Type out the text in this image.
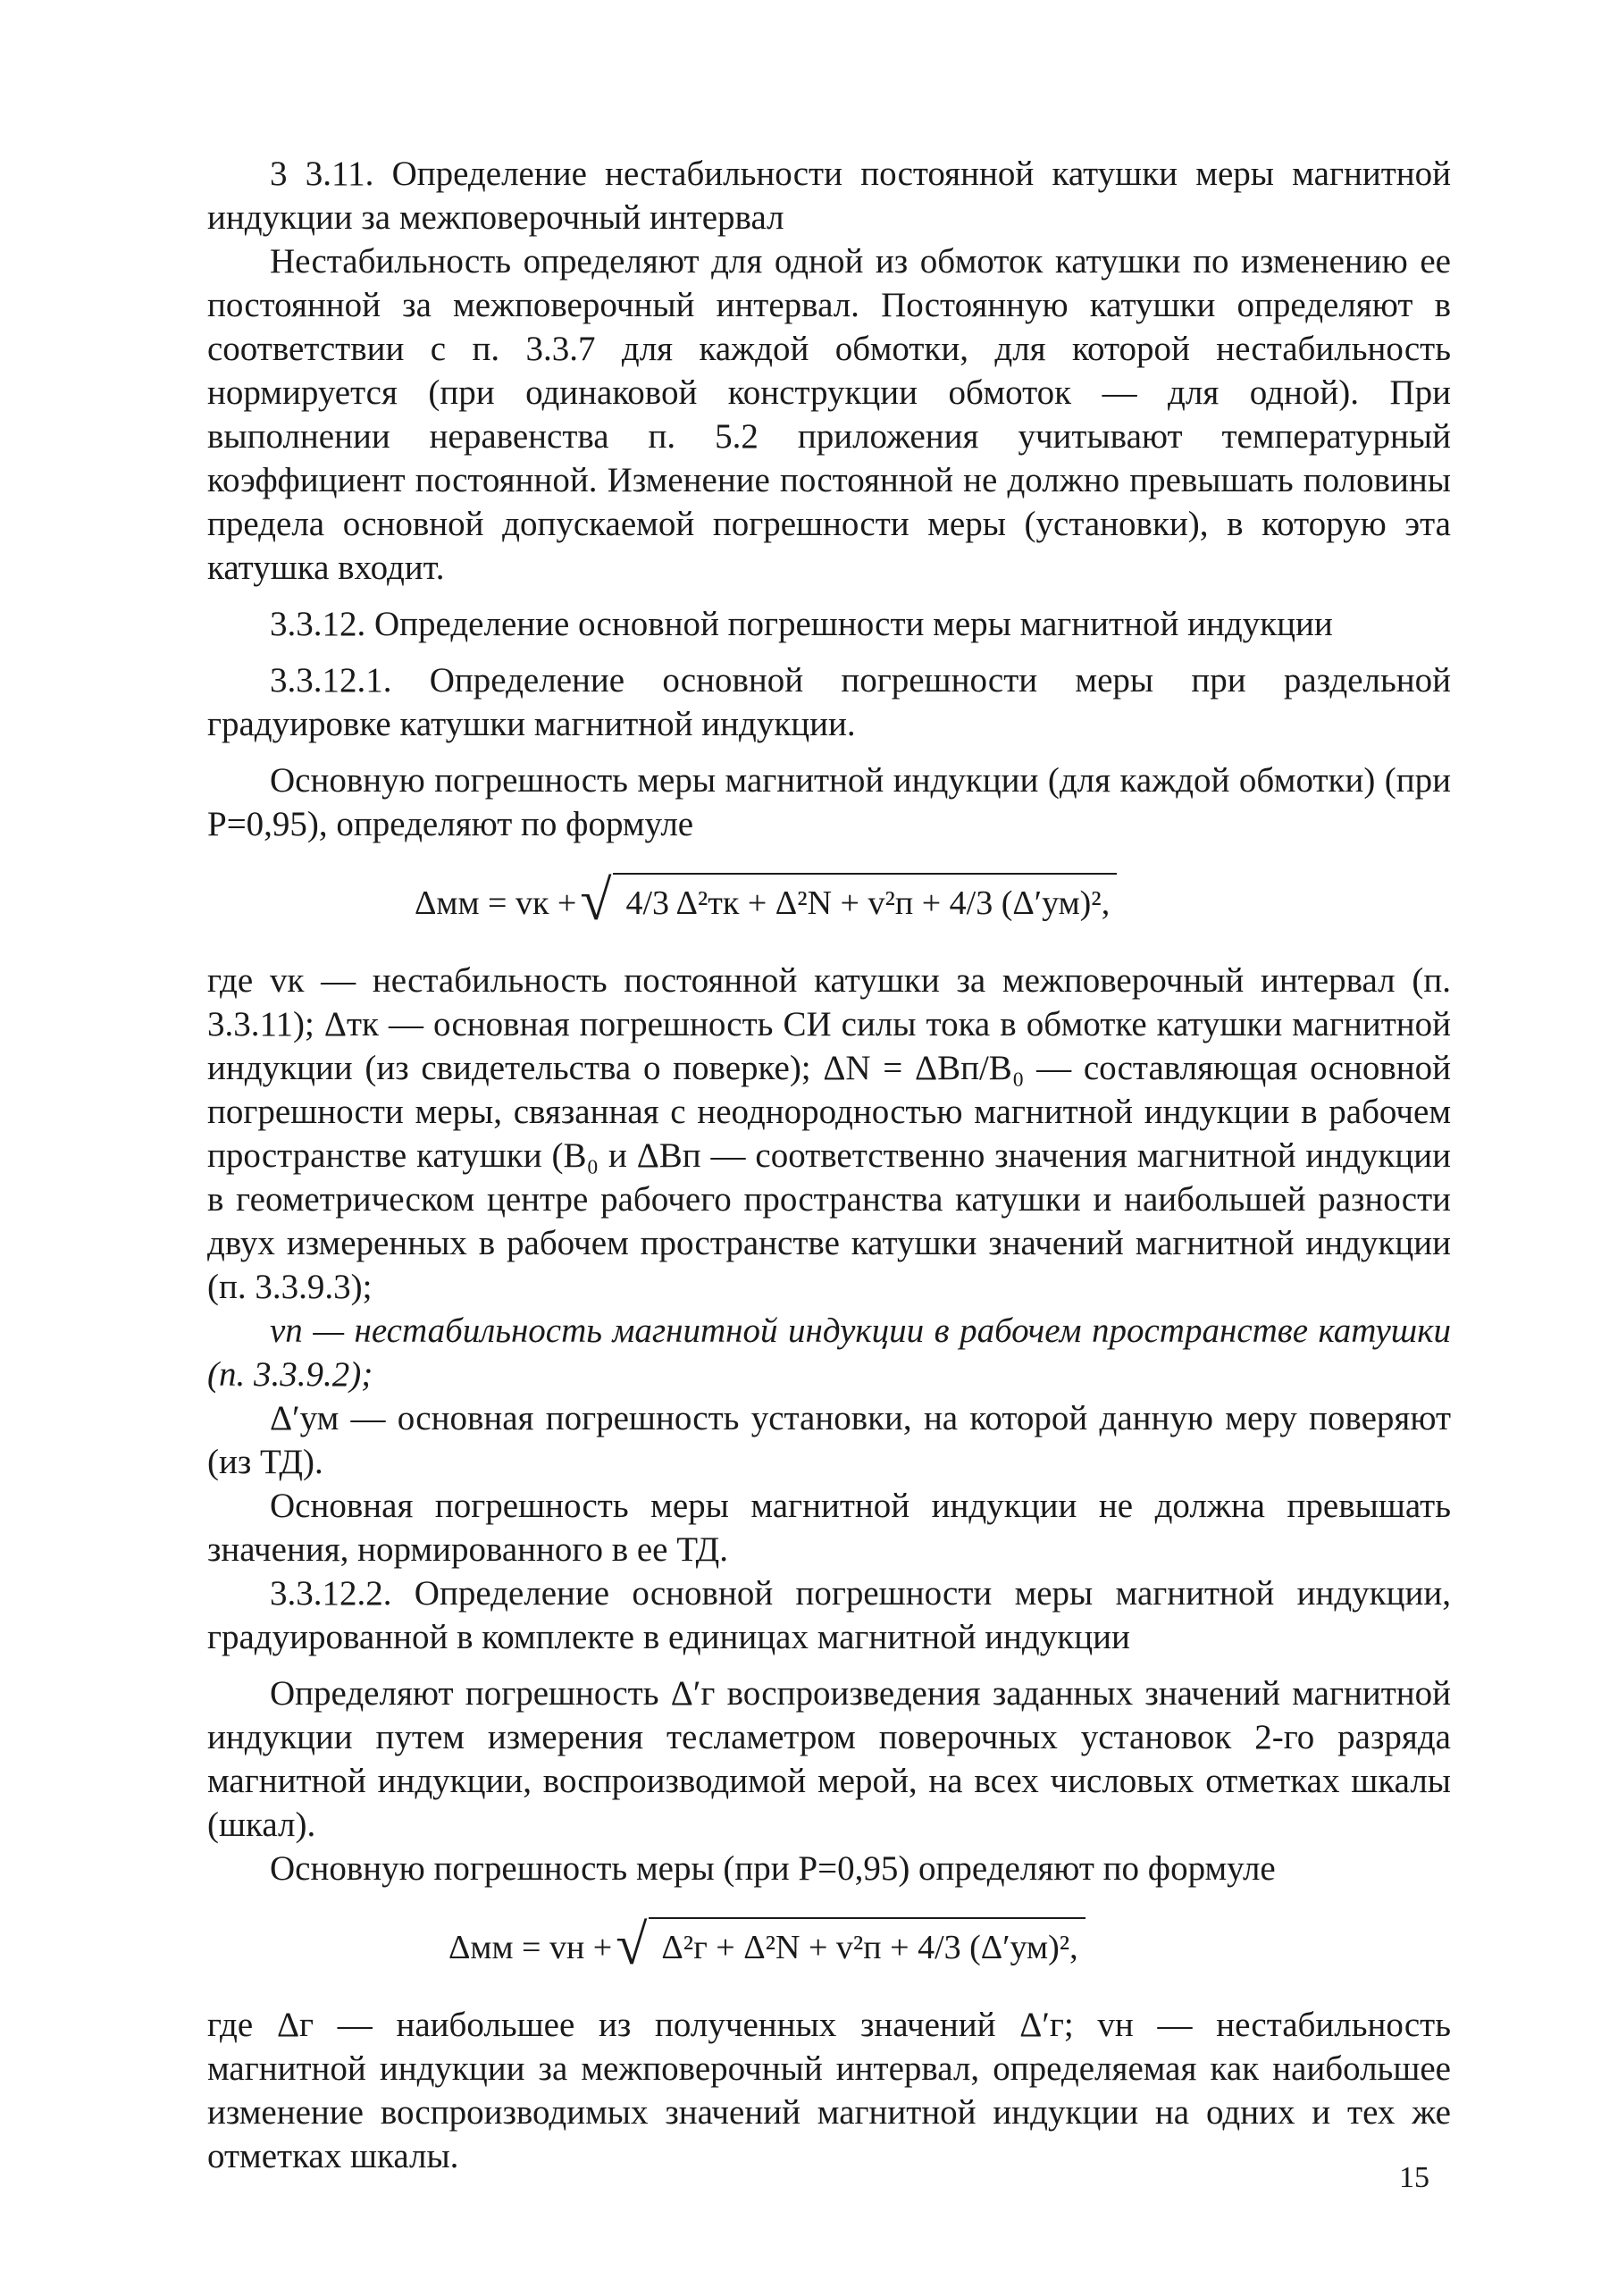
3 3.11. Определение нестабильности постоянной катушки меры магнитной индукции за межповерочный интервал

Нестабильность определяют для одной из обмоток катушки по изменению ее постоянной за межповерочный интервал. Постоянную катушки определяют в соответствии с п. 3.3.7 для каждой обмотки, для которой нестабильность нормируется (при одинаковой конструкции обмоток — для одной). При выполнении неравенства п. 5.2 приложения учитывают температурный коэффициент постоянной. Изменение постоянной не должно превышать половины предела основной допускаемой погрешности меры (установки), в которую эта катушка входит.

3.3.12. Определение основной погрешности меры магнитной индукции

3.3.12.1. Определение основной погрешности меры при раздельной градуировке катушки магнитной индукции.

Основную погрешность меры магнитной индукции (для каждой обмотки) (при P=0,95), определяют по формуле

Δмм = vк +√ 4/3 Δ²тк + Δ²N + v²п + 4/3 (Δ′ум)²,

где vк — нестабильность постоянной катушки за межповерочный интервал (п. 3.3.11); Δтк — основная погрешность СИ силы тока в обмотке катушки магнитной индукции (из свидетельства о поверке); ΔN = ΔBп/B₀ — составляющая основной погрешности меры, связанная с неоднородностью магнитной индукции в рабочем пространстве катушки (B₀ и ΔBп — соответственно значения магнитной индукции в геометрическом центре рабочего пространства катушки и наибольшей разности двух измеренных в рабочем пространстве катушки значений магнитной индукции (п. 3.3.9.3);

vп — нестабильность магнитной индукции в рабочем пространстве катушки (п. 3.3.9.2);

Δ′ум — основная погрешность установки, на которой данную меру поверяют (из ТД).

Основная погрешность меры магнитной индукции не должна превышать значения, нормированного в ее ТД.

3.3.12.2. Определение основной погрешности меры магнитной индукции, градуированной в комплекте в единицах магнитной индукции

Определяют погрешность Δ′г воспроизведения заданных значений магнитной индукции путем измерения тесламетром поверочных установок 2-го разряда магнитной индукции, воспроизводимой мерой, на всех числовых отметках шкалы (шкал).

Основную погрешность меры (при P=0,95) определяют по формуле

Δмм = vн +√ Δ²г + Δ²N + v²п + 4/3 (Δ′ум)²,

где Δг — наибольшее из полученных значений Δ′г; vн — нестабильность магнитной индукции за межповерочный интервал, определяемая как наибольшее изменение воспроизводимых значений магнитной индукции на одних и тех же отметках шкалы.

15
